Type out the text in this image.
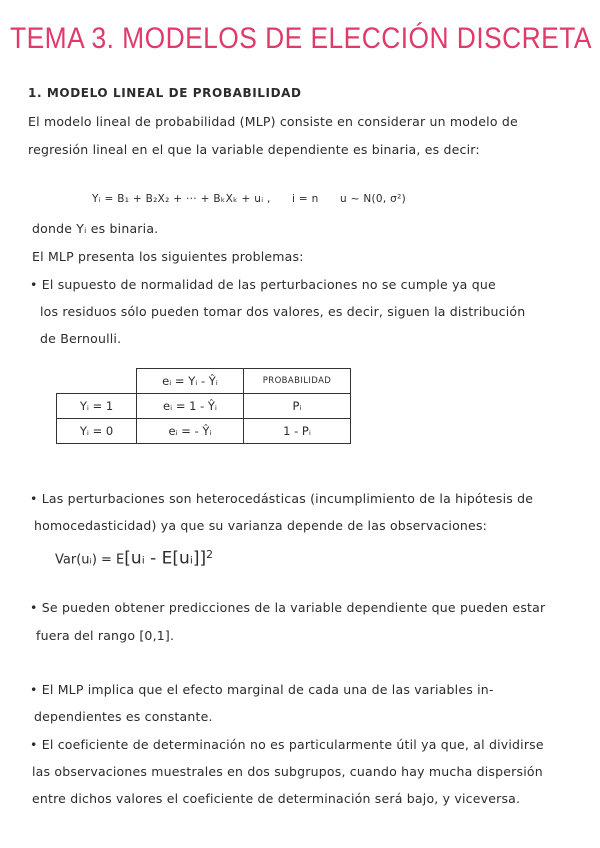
TEMA 3. MODELOS DE ELECCIÓN DISCRETA
1. MODELO LINEAL DE PROBABILIDAD
El modelo lineal de probabilidad (MLP) consiste en considerar un modelo de
regresión lineal en el que la variable dependiente es binaria, es decir:
Yᵢ = B₁ + B₂X₂ + ··· + BₖXₖ + uᵢ , i = n u ~ N(0, σ²)
donde Yᵢ es binaria.
El MLP presenta los siguientes problemas:
• El supuesto de normalidad de las perturbaciones no se cumple ya que
los residuos sólo pueden tomar dos valores, es decir, siguen la distribución
de Bernoulli.
	eᵢ = Yᵢ - Ŷᵢ	PROBABILIDAD
Yᵢ = 1	eᵢ = 1 - Ŷᵢ	Pᵢ
Yᵢ = 0	eᵢ = - Ŷᵢ	1 - Pᵢ
• Las perturbaciones son heterocedásticas (incumplimiento de la hipótesis de
homocedasticidad) ya que su varianza depende de las observaciones:
Var(uᵢ) = E[uᵢ - E[uᵢ]]$^2$
• Se pueden obtener predicciones de la variable dependiente que pueden estar
fuera del rango [0,1].
• El MLP implica que el efecto marginal de cada una de las variables in-
dependientes es constante.
• El coeficiente de determinación no es particularmente útil ya que, al dividirse
las observaciones muestrales en dos subgrupos, cuando hay mucha dispersión
entre dichos valores el coeficiente de determinación será bajo, y viceversa.
